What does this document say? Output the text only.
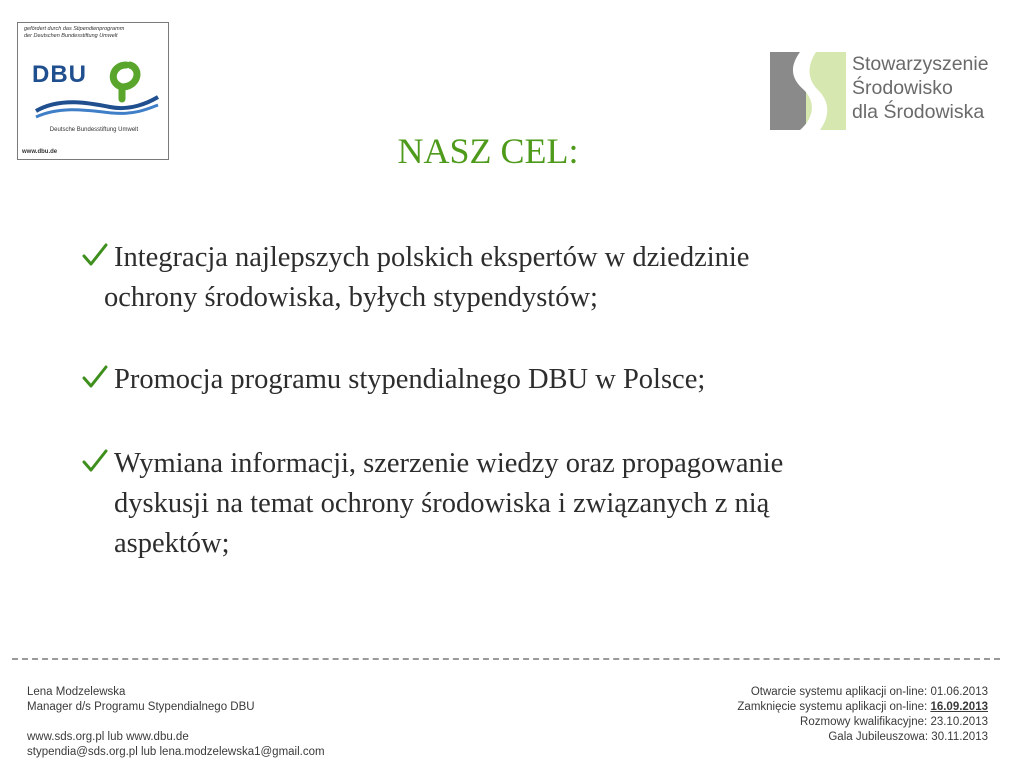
gefördert durch das Stipendienprogramm
der Deutschen Bundesstiftung Umwelt
DBU
Deutsche Bundesstiftung Umwelt
www.dbu.de
Stowarzyszenie
Środowisko
dla Środowiska
NASZ CEL:
Integracja najlepszych polskich ekspertów w dziedzinie
ochrony środowiska, byłych stypendystów;
Promocja programu stypendialnego DBU w Polsce;
Wymiana informacji, szerzenie wiedzy oraz propagowanie
dyskusji na temat ochrony środowiska i związanych z nią
aspektów;
Lena Modzelewska
Manager d/s Programu Stypendialnego DBU
www.sds.org.pl lub www.dbu.de
stypendia@sds.org.pl lub lena.modzelewska1@gmail.com
Otwarcie systemu aplikacji on-line: 01.06.2013
Zamknięcie systemu aplikacji on-line: 16.09.2013
Rozmowy kwalifikacyjne: 23.10.2013
Gala Jubileuszowa: 30.11.2013
